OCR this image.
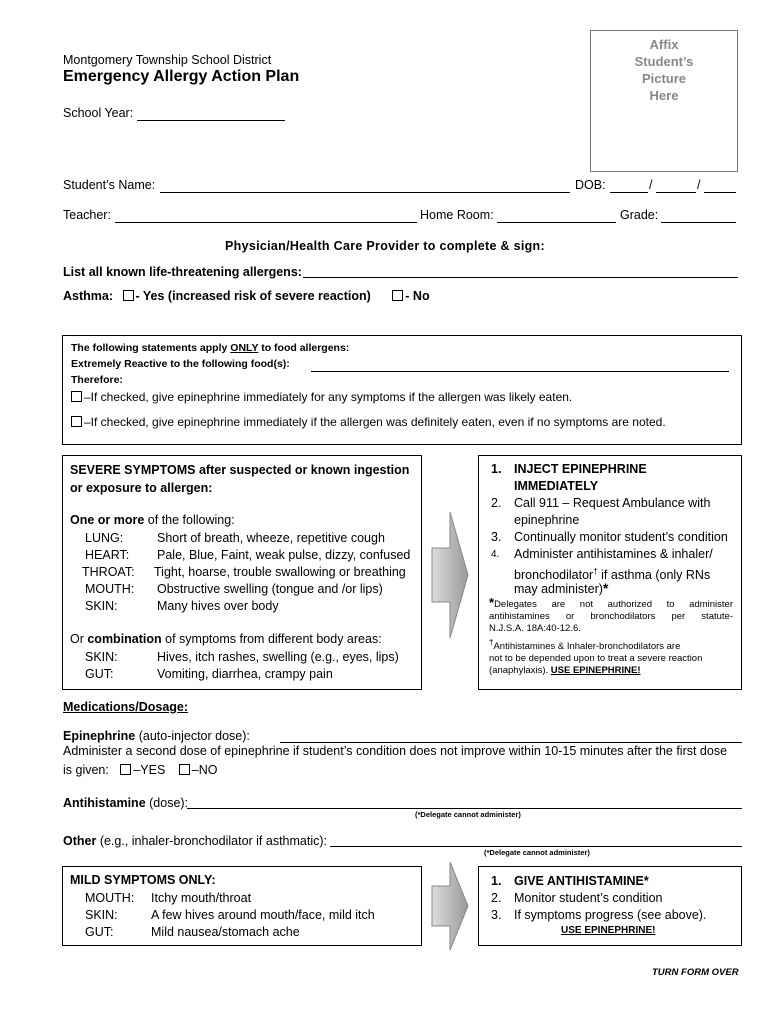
Affix
Student’s
Picture
Here
Montgomery Township School District
Emergency Allergy Action Plan
School Year:
Student’s Name:	DOB:	/	/
Teacher:	Home Room:	Grade:
Physician/Health Care Provider to complete & sign:
List all known life-threatening allergens:
Asthma: - Yes (increased risk of severe reaction)	- No
The following statements apply ONLY to food allergens:
Extremely Reactive to the following food(s):
Therefore:
–If checked, give epinephrine immediately for any symptoms if the allergen was likely eaten.
–If checked, give epinephrine immediately if the allergen was definitely eaten, even if no symptoms are noted.
SEVERE SYMPTOMS after suspected or known ingestion
or exposure to allergen:
One or more of the following:
LUNG:	Short of breath, wheeze, repetitive cough
HEART: Pale, Blue, Faint, weak pulse, dizzy, confused
THROAT: Tight, hoarse, trouble swallowing or breathing
MOUTH: Obstructive swelling (tongue and /or lips)
SKIN:	Many hives over body
Or combination of symptoms from different body areas:
SKIN:	Hives, itch rashes, swelling (e.g., eyes, lips)
GUT:	Vomiting, diarrhea, crampy pain
1. INJECT EPINEPHRINE
IMMEDIATELY
2. Call 911 – Request Ambulance with
epinephrine
3. Continually monitor student’s condition
4. Administer antihistamines & inhaler/
bronchodilator† if asthma (only RNs
may administer)*
*Delegates are not authorized to administer
antihistamines or bronchodilators per statute-
N.J.S.A. 18A:40-12.6.
†Antihistamines & Inhaler-bronchodilators are
not to be depended upon to treat a severe reaction
(anaphylaxis). USE EPINEPHRINE!
Medications/Dosage:
Epinephrine (auto-injector dose):
Administer a second dose of epinephrine if student’s condition does not improve within 10-15 minutes after the first dose
is given: –YES –NO
Antihistamine (dose):
(*Delegate cannot administer)
Other (e.g., inhaler-bronchodilator if asthmatic):
(*Delegate cannot administer)
MILD SYMPTOMS ONLY:
MOUTH: Itchy mouth/throat
SKIN:	A few hives around mouth/face, mild itch
GUT:	Mild nausea/stomach ache
1. GIVE ANTIHISTAMINE*
2. Monitor student’s condition
3. If symptoms progress (see above).
USE EPINEPHRINE!
TURN FORM OVER
